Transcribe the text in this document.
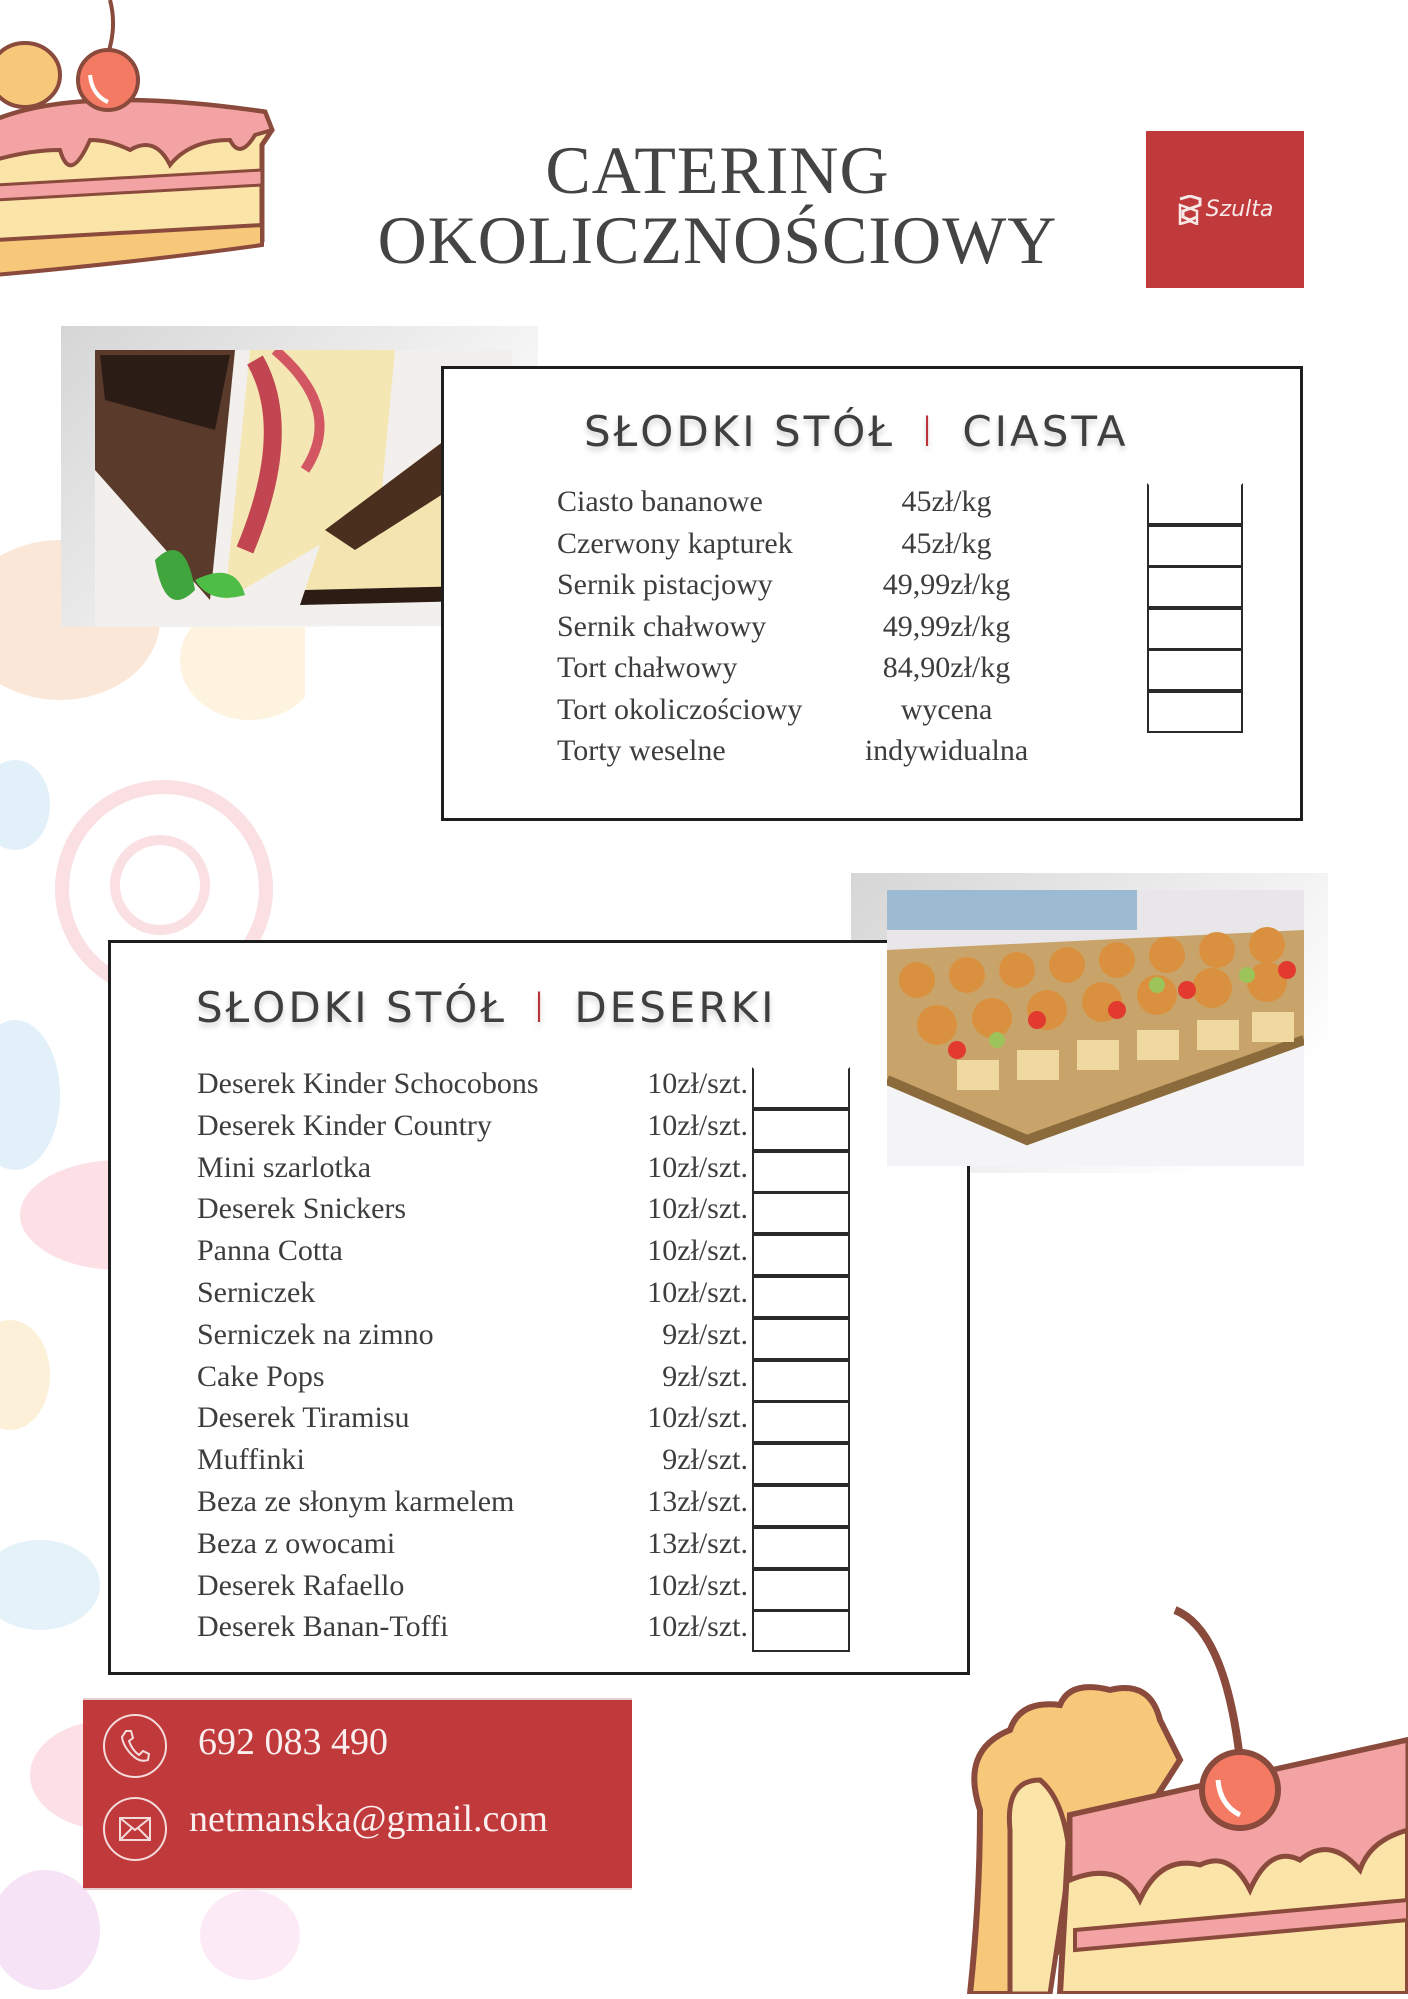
CATERING
OKOLICZNOŚCIOWY	Szulta
SŁODKI STÓŁ I CIASTA
Ciasto bananowe	45zł/kg
Czerwony kapturek	45zł/kg
Sernik pistacjowy	49,99zł/kg
Sernik chałwowy	49,99zł/kg
Tort chałwowy	84,90zł/kg
Tort okoliczościowy	wycena
Torty weselne	indywidualna
SŁODKI STÓŁ I DESERKI
Deserek Kinder Schocobons	10zł/szt.
Deserek Kinder Country	10zł/szt.
Mini szarlotka	10zł/szt.
Deserek Snickers	10zł/szt.
Panna Cotta	10zł/szt.
Serniczek	10zł/szt.
Serniczek na zimno	9zł/szt.
Cake Pops	9zł/szt.
Deserek Tiramisu	10zł/szt.
Muffinki	9zł/szt.
Beza ze słonym karmelem	13zł/szt.
Beza z owocami	13zł/szt.
Deserek Rafaello	10zł/szt.
Deserek Banan-Toffi	10zł/szt.
692 083 490
netmanska@gmail.com
